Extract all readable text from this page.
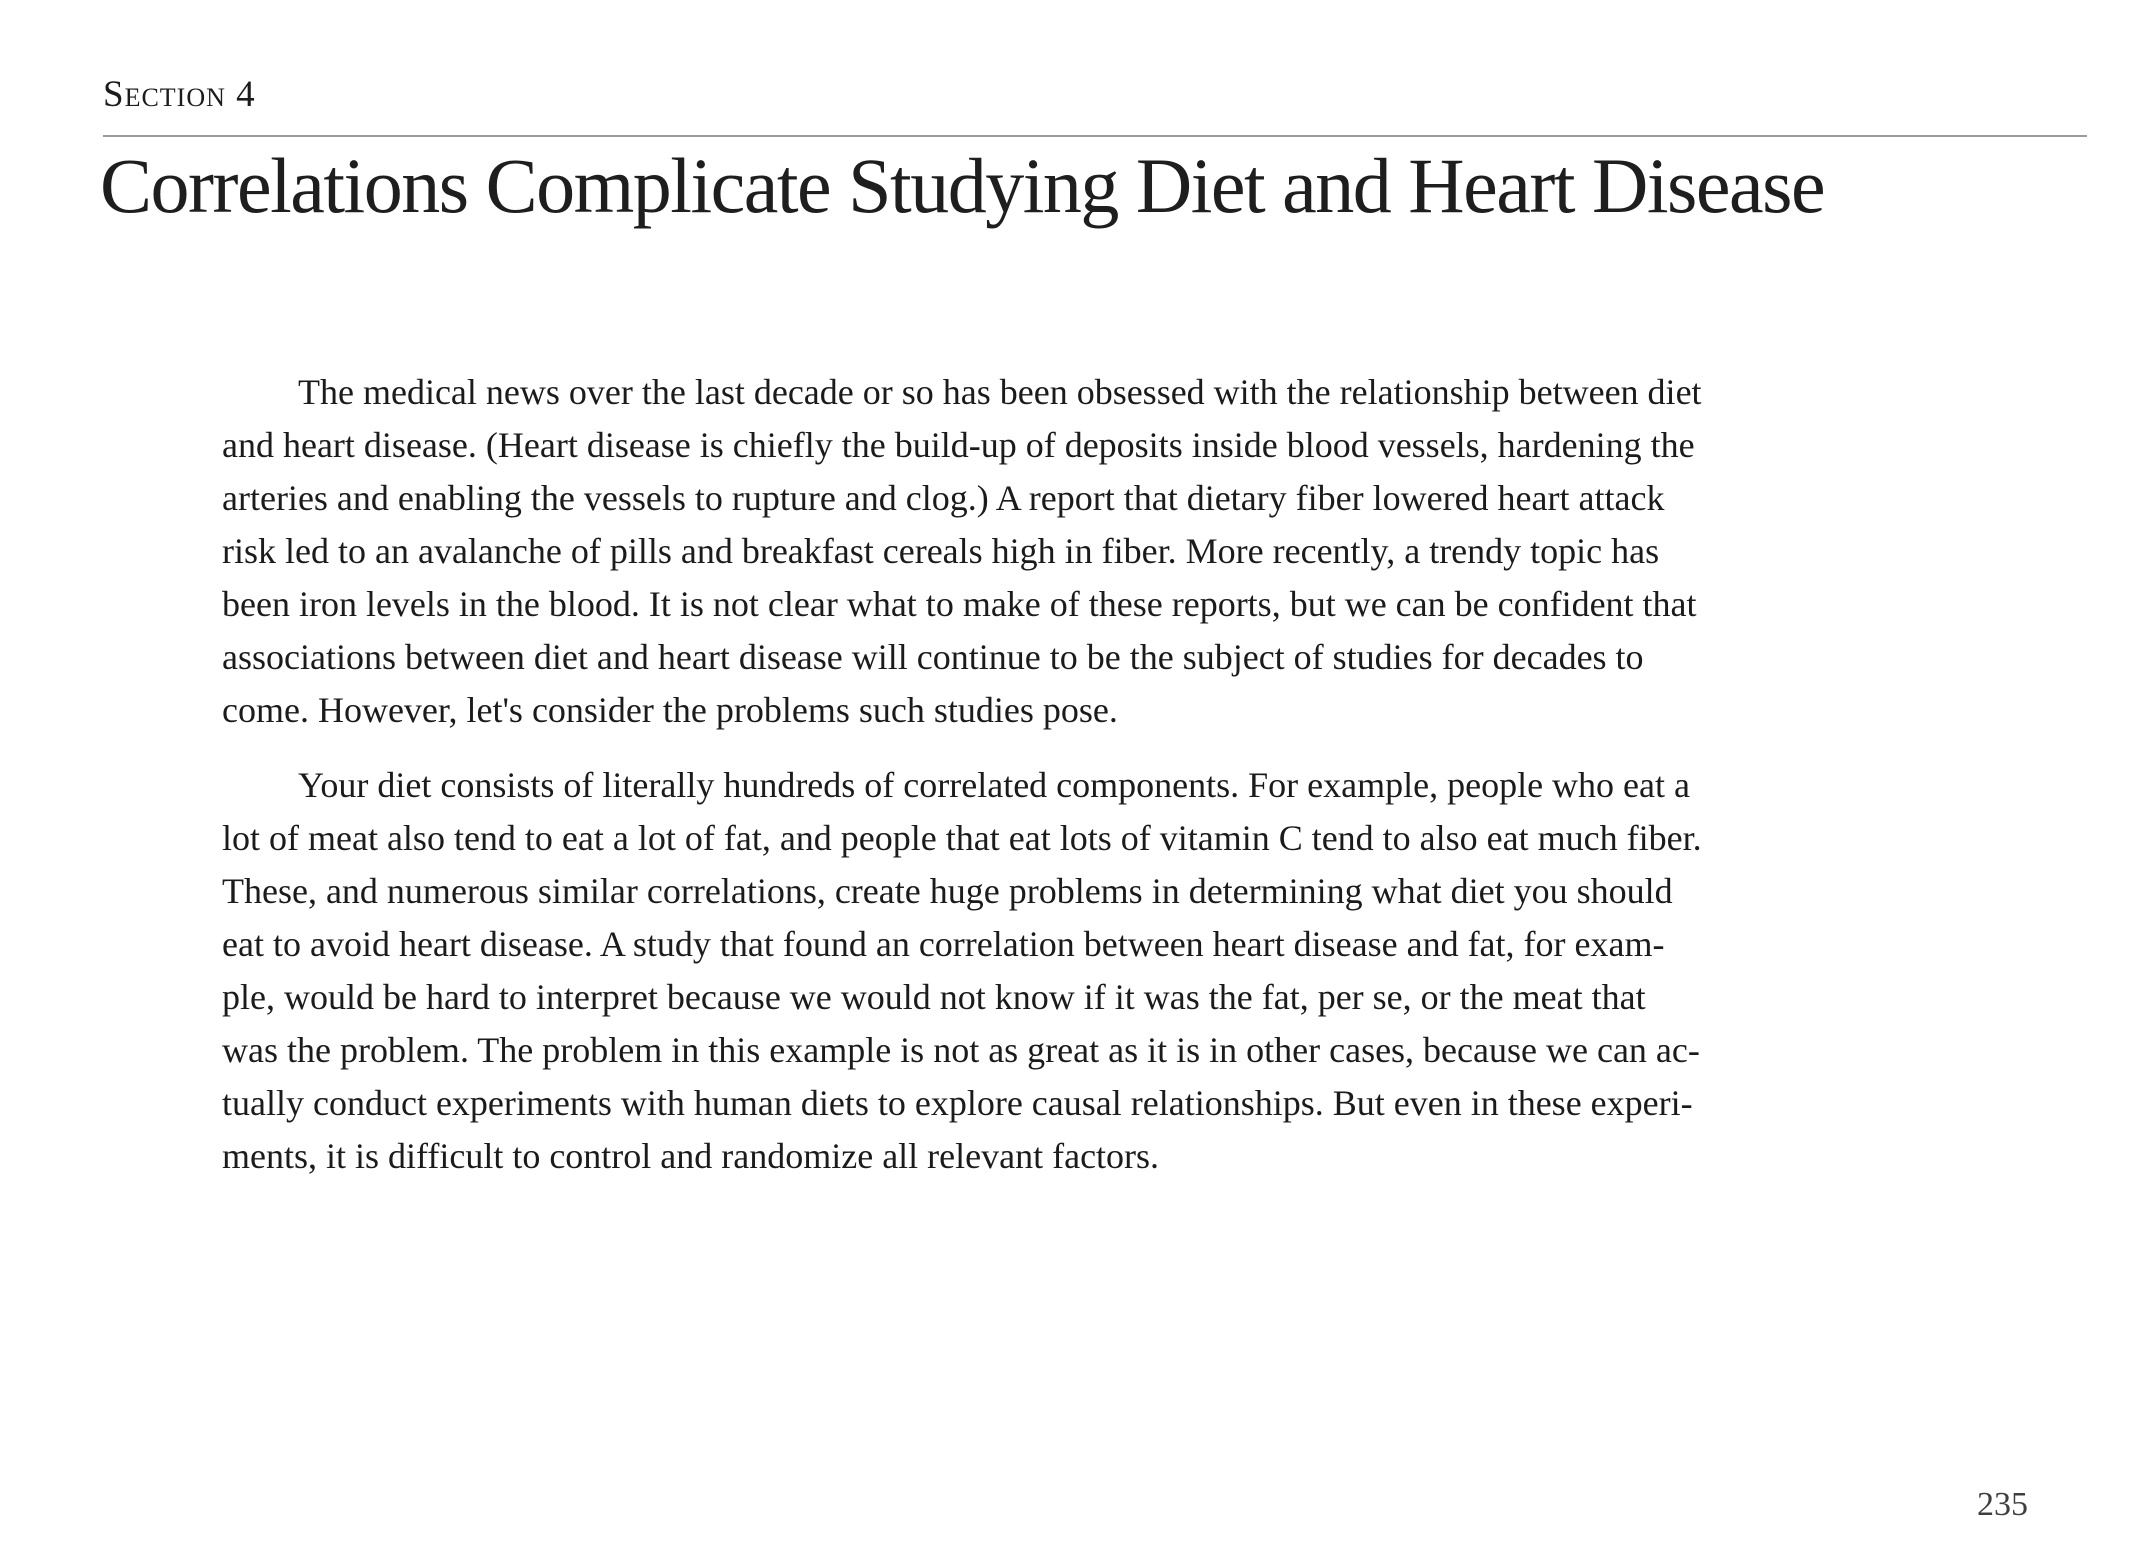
Section 4
Correlations Complicate Studying Diet and Heart Disease
The medical news over the last decade or so has been obsessed with the relationship between diet
and heart disease. (Heart disease is chiefly the build-up of deposits inside blood vessels, hardening the
arteries and enabling the vessels to rupture and clog.) A report that dietary fiber lowered heart attack
risk led to an avalanche of pills and breakfast cereals high in fiber. More recently, a trendy topic has
been iron levels in the blood. It is not clear what to make of these reports, but we can be confident that
associations between diet and heart disease will continue to be the subject of studies for decades to
come. However, let's consider the problems such studies pose.
Your diet consists of literally hundreds of correlated components. For example, people who eat a
lot of meat also tend to eat a lot of fat, and people that eat lots of vitamin C tend to also eat much fiber.
These, and numerous similar correlations, create huge problems in determining what diet you should
eat to avoid heart disease. A study that found an correlation between heart disease and fat, for exam-
ple, would be hard to interpret because we would not know if it was the fat, per se, or the meat that
was the problem. The problem in this example is not as great as it is in other cases, because we can ac-
tually conduct experiments with human diets to explore causal relationships. But even in these experi-
ments, it is difficult to control and randomize all relevant factors.
235
